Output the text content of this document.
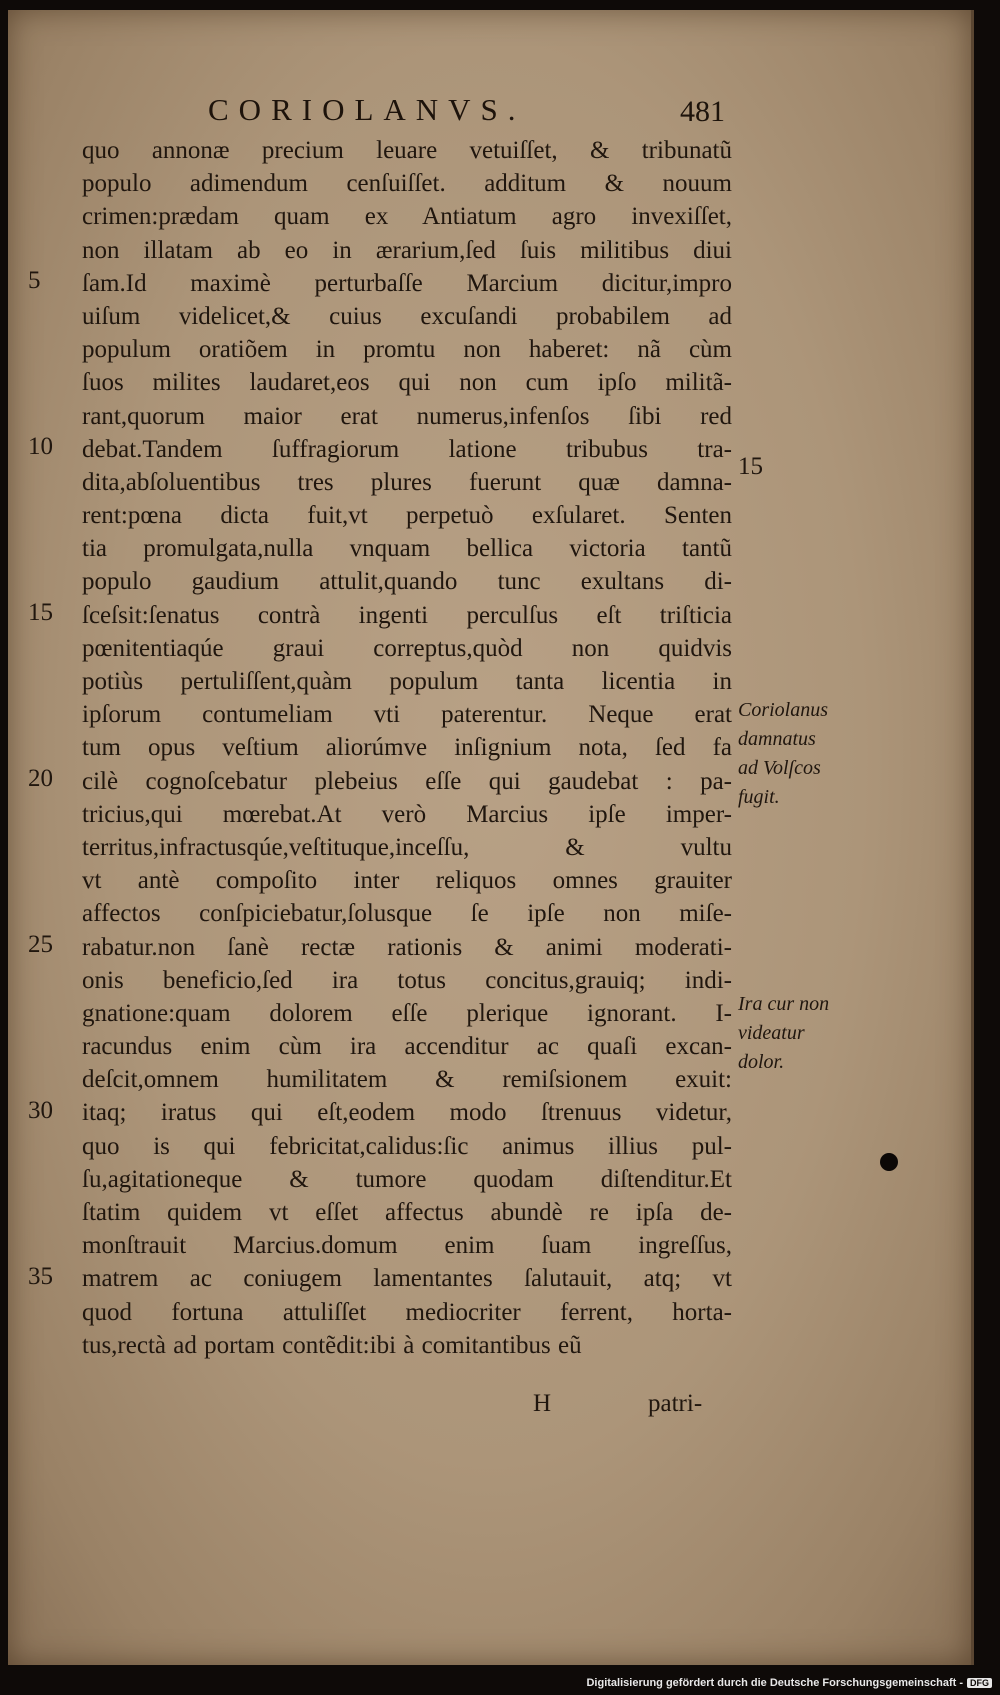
CORIOLANVS.	481
quo annonæ precium leuare vetuiſſet, & tribunatũ
populo adimendum cenſuiſſet. additum & nouum
crimen:prædam quam ex Antiatum agro invexiſſet,
non illatam ab eo in ærarium,ſed ſuis militibus diui
ſam.Id maximè perturbaſſe Marcium dicitur,impro
uiſum videlicet,& cuius excuſandi probabilem ad
populum oratiõem in promtu non haberet: nã cùm
ſuos milites laudaret,eos qui non cum ipſo militã-
rant,quorum maior erat numerus,infenſos ſibi red
debat.Tandem ſuffragiorum latione tribubus tra-
dita,abſoluentibus tres plures fuerunt quæ damna-
rent:pœna dicta fuit,vt perpetuò exſularet. Senten
tia promulgata,nulla vnquam bellica victoria tantũ
populo gaudium attulit,quando tunc exultans di-
ſceſsit:ſenatus contrà ingenti perculſus eſt triſticia
pœnitentiaqúe graui correptus,quòd non quidvis
potiùs pertuliſſent,quàm populum tanta licentia in
ipſorum contumeliam vti paterentur. Neque erat
tum opus veſtium aliorúmve inſignium nota, ſed fa
cilè cognoſcebatur plebeius eſſe qui gaudebat : pa-
tricius,qui mœrebat.At verò Marcius ipſe imper-
territus,infractusqúe,veſtituque,inceſſu, & vultu
vt antè compoſito inter reliquos omnes grauiter
affectos conſpiciebatur,ſolusque ſe ipſe non miſe-
rabatur.non ſanè rectæ rationis & animi moderati-
onis beneficio,ſed ira totus concitus,grauiq; indi-
gnatione:quam dolorem eſſe plerique ignorant. I-
racundus enim cùm ira accenditur ac quaſi excan-
deſcit,omnem humilitatem & remiſsionem exuit:
itaq; iratus qui eſt,eodem modo ſtrenuus videtur,
quo is qui febricitat,calidus:ſic animus illius pul-
ſu,agitationeque & tumore quodam diſtenditur.Et
ſtatim quidem vt eſſet affectus abundè re ipſa de-
monſtrauit Marcius.domum enim ſuam ingreſſus,
matrem ac coniugem lamentantes ſalutauit, atq; vt
quod fortuna attuliſſet mediocriter ferrent, horta-
tus,rectà ad portam contẽdit:ibi à comitantibus eũ
5
10
15
20
25
30
35
15
Coriolanus
damnatus
ad Volſcos
fugit.
Ira cur non
videatur
dolor.
H	patri-
Digitalisierung gefördert durch die Deutsche Forschungsgemeinschaft - DFG
